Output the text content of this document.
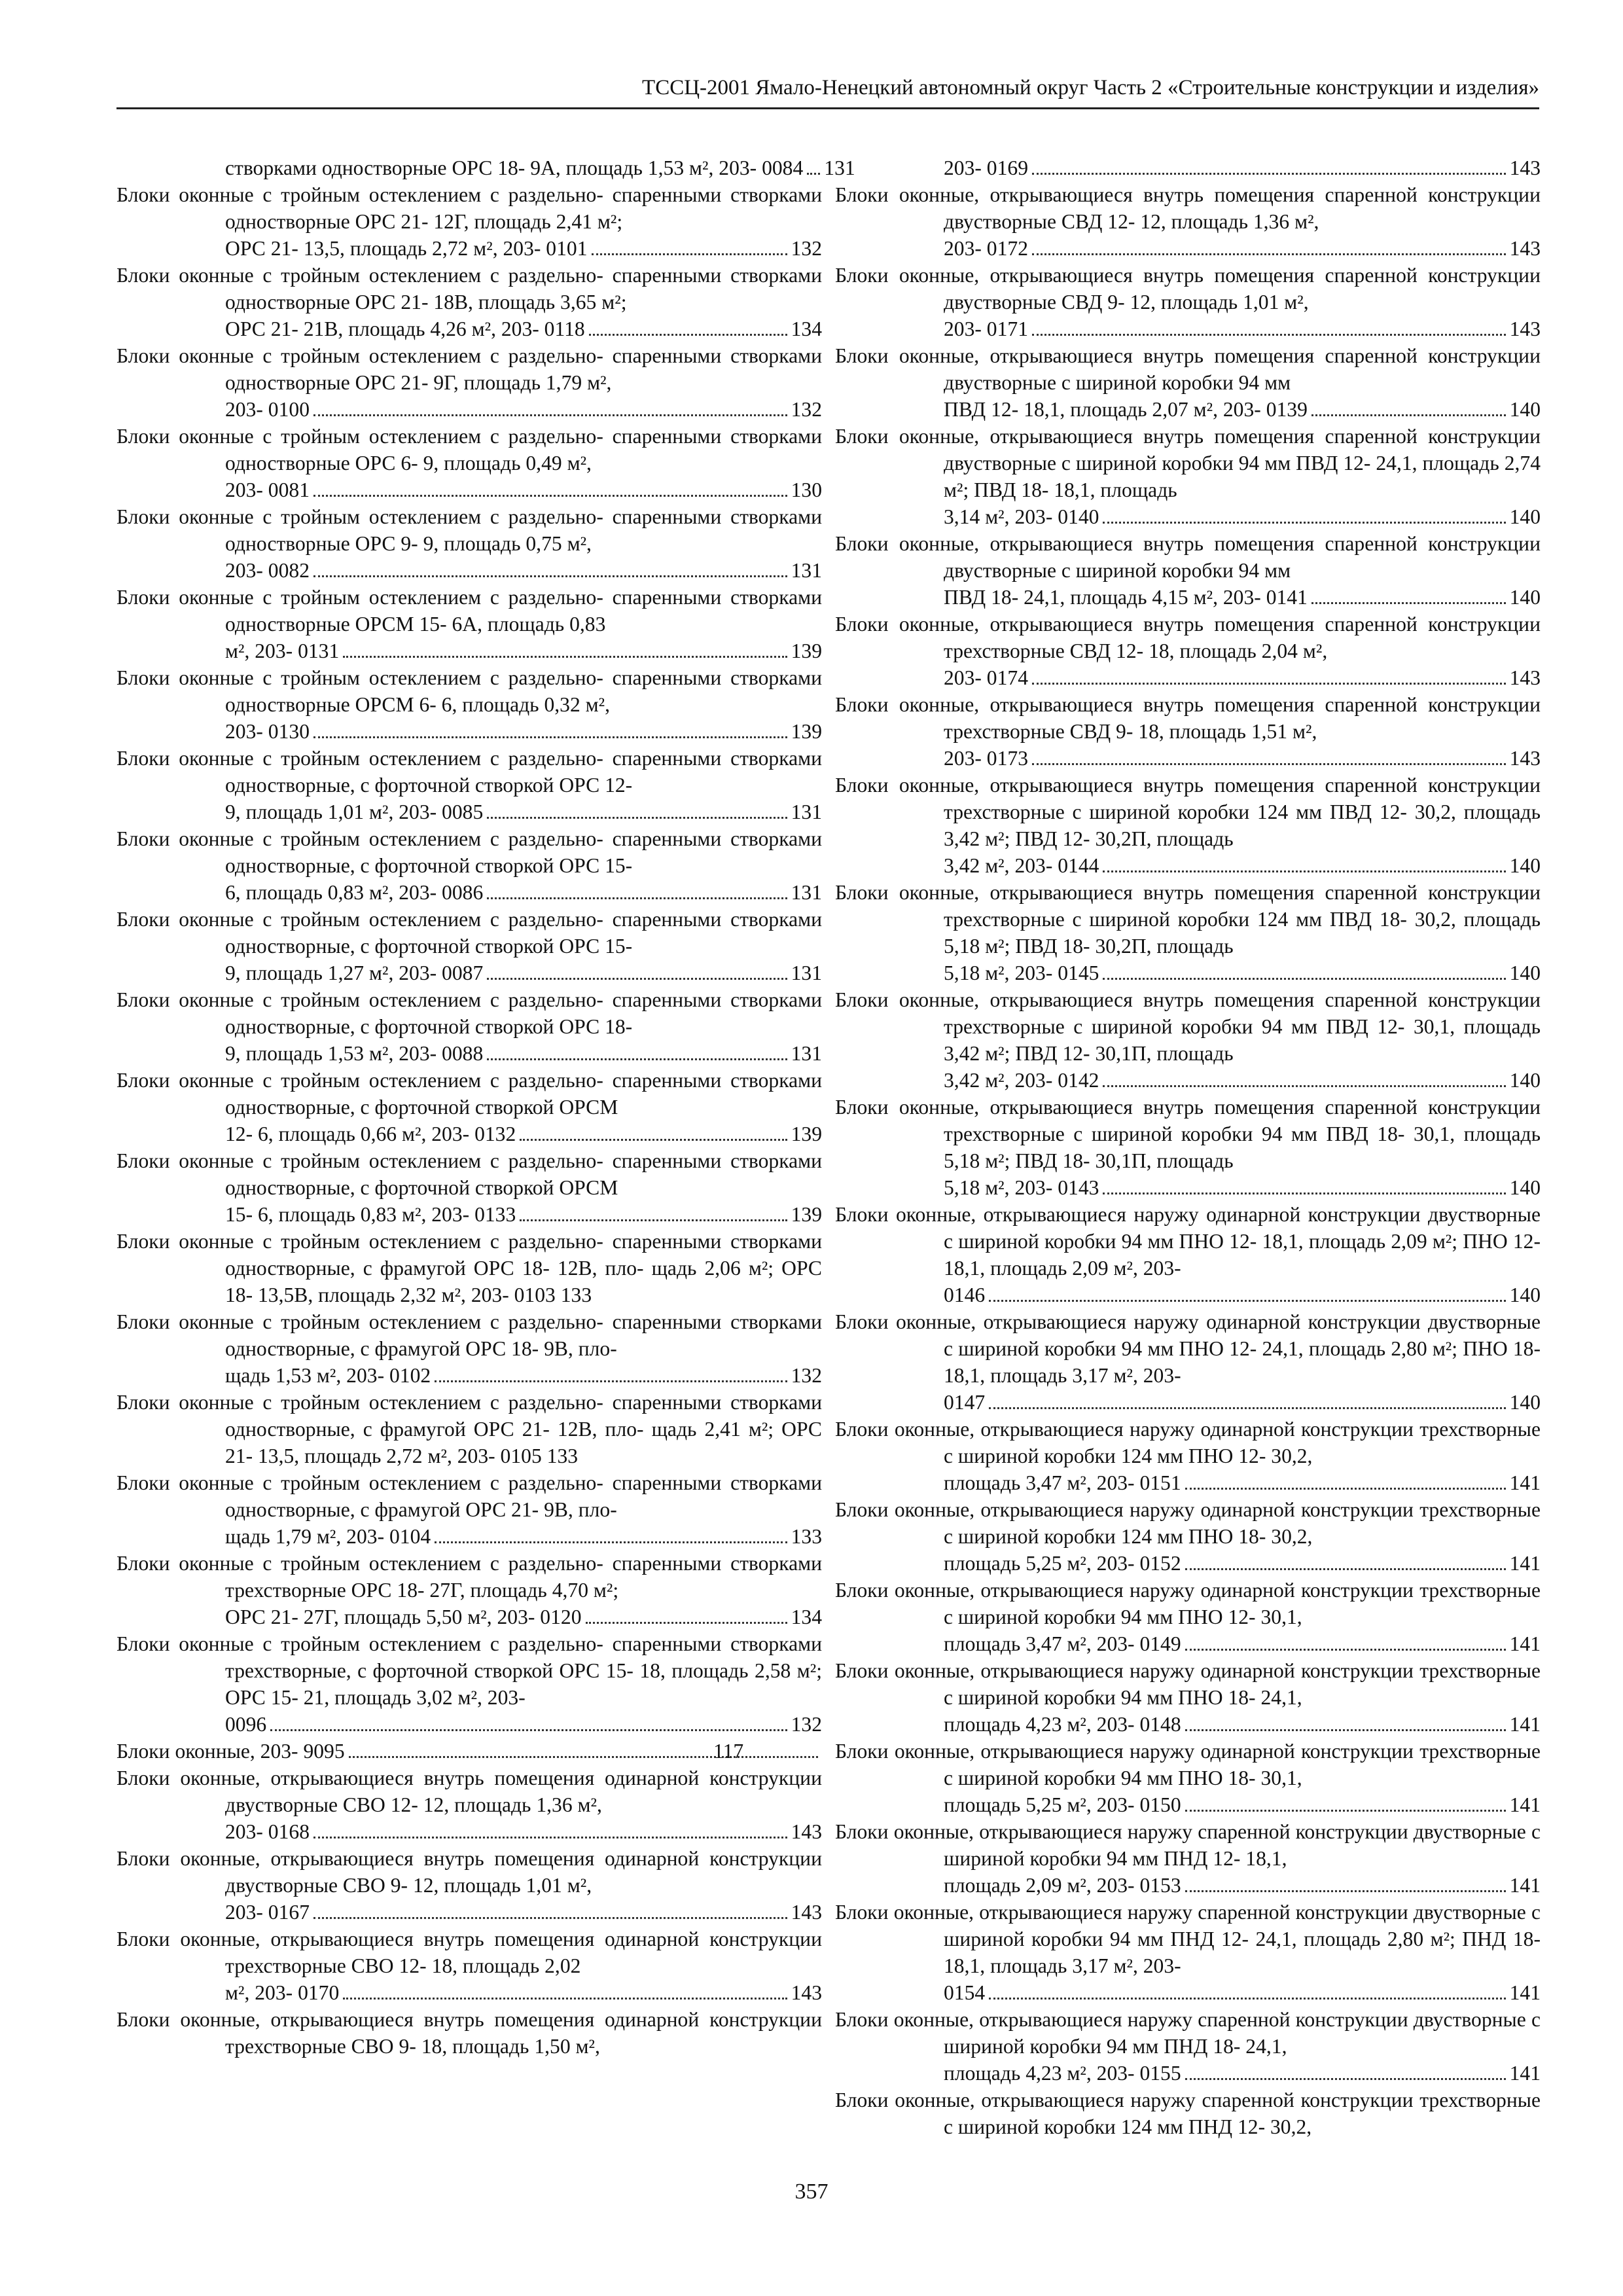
ТССЦ-2001 Ямало-Ненецкий автономный округ Часть 2 «Строительные конструкции и изделия»
створками одностворные ОРС 18- 9А, площадь 1,53 м², 203- 0084 131
Блоки оконные с тройным остеклением с раздельно- спаренными створками одностворные ОРС 21- 12Г, площадь 2,41 м²;
ОРС 21- 13,5, площадь 2,72 м², 203- 0101	132
Блоки оконные с тройным остеклением с раздельно- спаренными створками одностворные ОРС 21- 18В, площадь 3,65 м²;
ОРС 21- 21В, площадь 4,26 м², 203- 0118	134
Блоки оконные с тройным остеклением с раздельно- спаренными створками одностворные ОРС 21- 9Г, площадь 1,79 м²,
203- 0100	132
Блоки оконные с тройным остеклением с раздельно- спаренными створками одностворные ОРС 6- 9, площадь 0,49 м²,
203- 0081	130
Блоки оконные с тройным остеклением с раздельно- спаренными створками одностворные ОРС 9- 9, площадь 0,75 м²,
203- 0082	131
Блоки оконные с тройным остеклением с раздельно- спаренными створками одностворные ОРСМ 15- 6А, площадь 0,83
м², 203- 0131	139
Блоки оконные с тройным остеклением с раздельно- спаренными створками одностворные ОРСМ 6- 6, площадь 0,32 м²,
203- 0130	139
Блоки оконные с тройным остеклением с раздельно- спаренными створками одностворные, с форточной створкой ОРС 12-
9, площадь 1,01 м², 203- 0085	131
Блоки оконные с тройным остеклением с раздельно- спаренными створками одностворные, с форточной створкой ОРС 15-
6, площадь 0,83 м², 203- 0086	131
Блоки оконные с тройным остеклением с раздельно- спаренными створками одностворные, с форточной створкой ОРС 15-
9, площадь 1,27 м², 203- 0087	131
Блоки оконные с тройным остеклением с раздельно- спаренными створками одностворные, с форточной створкой ОРС 18-
9, площадь 1,53 м², 203- 0088	131
Блоки оконные с тройным остеклением с раздельно- спаренными створками одностворные, с форточной створкой ОРСМ
12- 6, площадь 0,66 м², 203- 0132	139
Блоки оконные с тройным остеклением с раздельно- спаренными створками одностворные, с форточной створкой ОРСМ
15- 6, площадь 0,83 м², 203- 0133	139
Блоки оконные с тройным остеклением с раздельно- спаренными створками одностворные, с фрамугой ОРС 18- 12В, пло- щадь 2,06 м²; ОРС 18- 13,5В, площадь 2,32 м², 203- 0103 133
Блоки оконные с тройным остеклением с раздельно- спаренными створками одностворные, с фрамугой ОРС 18- 9В, пло-
щадь 1,53 м², 203- 0102	132
Блоки оконные с тройным остеклением с раздельно- спаренными створками одностворные, с фрамугой ОРС 21- 12В, пло- щадь 2,41 м²; ОРС 21- 13,5, площадь 2,72 м², 203- 0105 133
Блоки оконные с тройным остеклением с раздельно- спаренными створками одностворные, с фрамугой ОРС 21- 9В, пло-
щадь 1,79 м², 203- 0104	133
Блоки оконные с тройным остеклением с раздельно- спаренными створками трехстворные ОРС 18- 27Г, площадь 4,70 м²;
ОРС 21- 27Г, площадь 5,50 м², 203- 0120	134
Блоки оконные с тройным остеклением с раздельно- спаренными створками трехстворные, с форточной створкой ОРС 15- 18, площадь 2,58 м²; ОРС 15- 21, площадь 3,02 м², 203-
0096	132
Блоки оконные, 203- 9095	117
Блоки оконные, открывающиеся внутрь помещения одинарной конструкции двустворные СВО 12- 12, площадь 1,36 м²,
203- 0168	143
Блоки оконные, открывающиеся внутрь помещения одинарной конструкции двустворные СВО 9- 12, площадь 1,01 м²,
203- 0167	143
Блоки оконные, открывающиеся внутрь помещения одинарной конструкции трехстворные СВО 12- 18, площадь 2,02
м², 203- 0170	143
Блоки оконные, открывающиеся внутрь помещения одинарной конструкции трехстворные СВО 9- 18, площадь 1,50 м²,
203- 0169	143
Блоки оконные, открывающиеся внутрь помещения спаренной конструкции двустворные СВД 12- 12, площадь 1,36 м²,
203- 0172	143
Блоки оконные, открывающиеся внутрь помещения спаренной конструкции двустворные СВД 9- 12, площадь 1,01 м²,
203- 0171	143
Блоки оконные, открывающиеся внутрь помещения спаренной конструкции двустворные с шириной коробки 94 мм
ПВД 12- 18,1, площадь 2,07 м², 203- 0139	140
Блоки оконные, открывающиеся внутрь помещения спаренной конструкции двустворные с шириной коробки 94 мм ПВД 12- 24,1, площадь 2,74 м²; ПВД 18- 18,1, площадь
3,14 м², 203- 0140	140
Блоки оконные, открывающиеся внутрь помещения спаренной конструкции двустворные с шириной коробки 94 мм
ПВД 18- 24,1, площадь 4,15 м², 203- 0141	140
Блоки оконные, открывающиеся внутрь помещения спаренной конструкции трехстворные СВД 12- 18, площадь 2,04 м²,
203- 0174	143
Блоки оконные, открывающиеся внутрь помещения спаренной конструкции трехстворные СВД 9- 18, площадь 1,51 м²,
203- 0173	143
Блоки оконные, открывающиеся внутрь помещения спаренной конструкции трехстворные с шириной коробки 124 мм ПВД 12- 30,2, площадь 3,42 м²; ПВД 12- 30,2П, площадь
3,42 м², 203- 0144	140
Блоки оконные, открывающиеся внутрь помещения спаренной конструкции трехстворные с шириной коробки 124 мм ПВД 18- 30,2, площадь 5,18 м²; ПВД 18- 30,2П, площадь
5,18 м², 203- 0145	140
Блоки оконные, открывающиеся внутрь помещения спаренной конструкции трехстворные с шириной коробки 94 мм ПВД 12- 30,1, площадь 3,42 м²; ПВД 12- 30,1П, площадь
3,42 м², 203- 0142	140
Блоки оконные, открывающиеся внутрь помещения спаренной конструкции трехстворные с шириной коробки 94 мм ПВД 18- 30,1, площадь 5,18 м²; ПВД 18- 30,1П, площадь
5,18 м², 203- 0143	140
Блоки оконные, открывающиеся наружу одинарной конструкции двустворные с шириной коробки 94 мм ПНО 12- 18,1, площадь 2,09 м²; ПНО 12- 18,1, площадь 2,09 м², 203-
0146	140
Блоки оконные, открывающиеся наружу одинарной конструкции двустворные с шириной коробки 94 мм ПНО 12- 24,1, площадь 2,80 м²; ПНО 18- 18,1, площадь 3,17 м², 203-
0147	140
Блоки оконные, открывающиеся наружу одинарной конструкции трехстворные с шириной коробки 124 мм ПНО 12- 30,2,
площадь 3,47 м², 203- 0151	141
Блоки оконные, открывающиеся наружу одинарной конструкции трехстворные с шириной коробки 124 мм ПНО 18- 30,2,
площадь 5,25 м², 203- 0152	141
Блоки оконные, открывающиеся наружу одинарной конструкции трехстворные с шириной коробки 94 мм ПНО 12- 30,1,
площадь 3,47 м², 203- 0149	141
Блоки оконные, открывающиеся наружу одинарной конструкции трехстворные с шириной коробки 94 мм ПНО 18- 24,1,
площадь 4,23 м², 203- 0148	141
Блоки оконные, открывающиеся наружу одинарной конструкции трехстворные с шириной коробки 94 мм ПНО 18- 30,1,
площадь 5,25 м², 203- 0150	141
Блоки оконные, открывающиеся наружу спаренной конструкции двустворные с шириной коробки 94 мм ПНД 12- 18,1,
площадь 2,09 м², 203- 0153	141
Блоки оконные, открывающиеся наружу спаренной конструкции двустворные с шириной коробки 94 мм ПНД 12- 24,1, площадь 2,80 м²; ПНД 18- 18,1, площадь 3,17 м², 203-
0154	141
Блоки оконные, открывающиеся наружу спаренной конструкции двустворные с шириной коробки 94 мм ПНД 18- 24,1,
площадь 4,23 м², 203- 0155	141
Блоки оконные, открывающиеся наружу спаренной конструкции трехстворные с шириной коробки 124 мм ПНД 12- 30,2,
357
